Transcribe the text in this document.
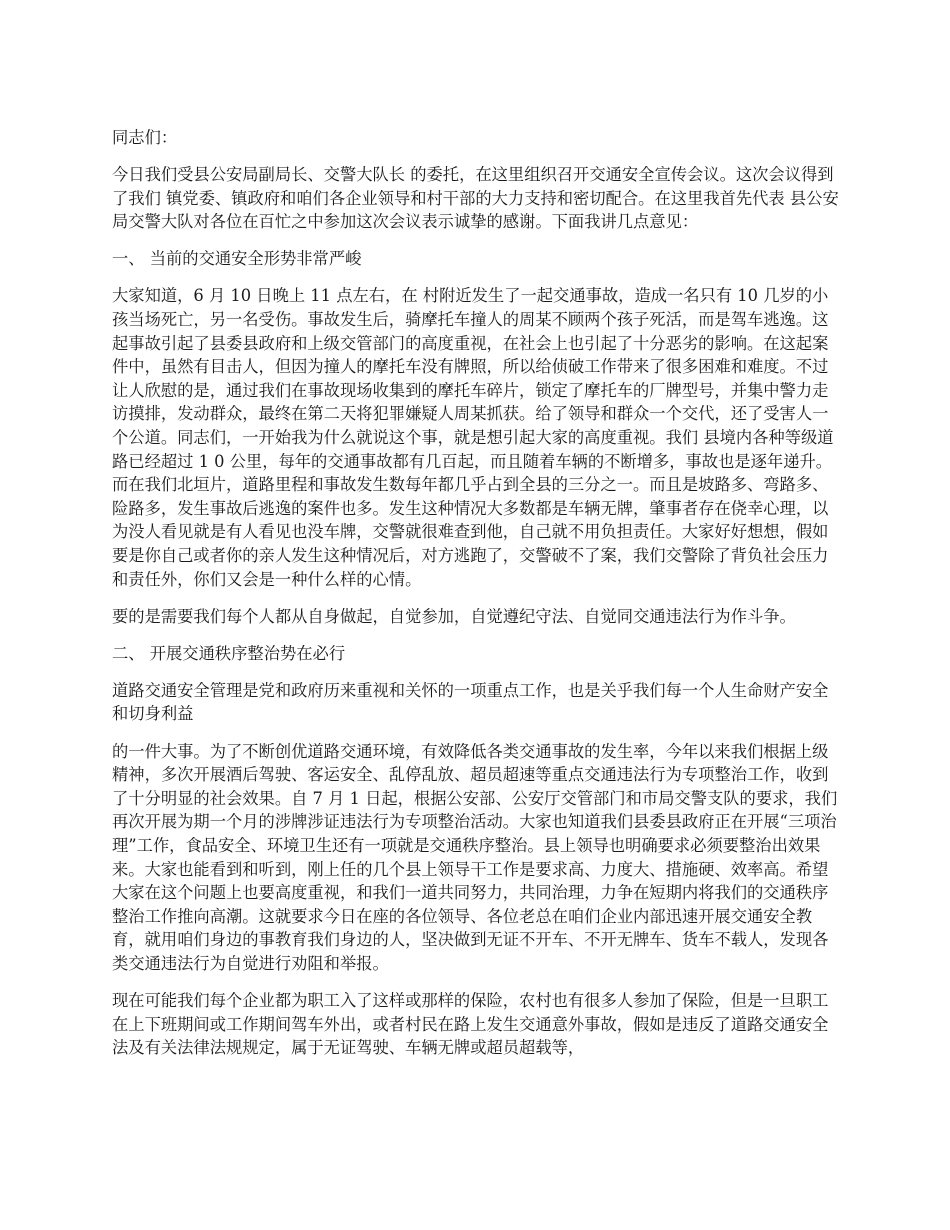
同志们：

今日我们受县公安局副局长、交警大队长 的委托，在这里组织召开交通安全宣传会议。这次会议得到了我们 镇党委、镇政府和咱们各企业领导和村干部的大力支持和密切配合。在这里我首先代表 县公安局交警大队对各位在百忙之中参加这次会议表示诚挚的感谢。下面我讲几点意见：

一、 当前的交通安全形势非常严峻

大家知道，6 月 10 日晚上 11 点左右，在 村附近发生了一起交通事故，造成一名只有 10 几岁的小孩当场死亡，另一名受伤。事故发生后，骑摩托车撞人的周某不顾两个孩子死活，而是驾车逃逸。这起事故引起了县委县政府和上级交管部门的高度重视，在社会上也引起了十分恶劣的影响。在这起案件中，虽然有目击人，但因为撞人的摩托车没有牌照，所以给侦破工作带来了很多困难和难度。不过让人欣慰的是，通过我们在事故现场收集到的摩托车碎片，锁定了摩托车的厂牌型号，并集中警力走访摸排，发动群众，最终在第二天将犯罪嫌疑人周某抓获。给了领导和群众一个交代，还了受害人一个公道。同志们，一开始我为什么就说这个事，就是想引起大家的高度重视。我们 县境内各种等级道路已经超过 1 0 公里，每年的交通事故都有几百起，而且随着车辆的不断增多，事故也是逐年递升。而在我们北垣片，道路里程和事故发生数每年都几乎占到全县的三分之一。而且是坡路多、弯路多、险路多，发生事故后逃逸的案件也多。发生这种情况大多数都是车辆无牌，肇事者存在侥幸心理，以为没人看见就是有人看见也没车牌，交警就很难查到他，自己就不用负担责任。大家好好想想，假如要是你自己或者你的亲人发生这种情况后，对方逃跑了，交警破不了案，我们交警除了背负社会压力和责任外，你们又会是一种什么样的心情。

要的是需要我们每个人都从自身做起，自觉参加，自觉遵纪守法、自觉同交通违法行为作斗争。

二、 开展交通秩序整治势在必行

道路交通安全管理是党和政府历来重视和关怀的一项重点工作，也是关乎我们每一个人生命财产安全和切身利益

的一件大事。为了不断创优道路交通环境，有效降低各类交通事故的发生率，今年以来我们根据上级精神，多次开展酒后驾驶、客运安全、乱停乱放、超员超速等重点交通违法行为专项整治工作，收到了十分明显的社会效果。自 7 月 1 日起，根据公安部、公安厅交管部门和市局交警支队的要求，我们再次开展为期一个月的涉牌涉证违法行为专项整治活动。大家也知道我们县委县政府正在开展“三项治理”工作，食品安全、环境卫生还有一项就是交通秩序整治。县上领导也明确要求必须要整治出效果来。大家也能看到和听到，刚上任的几个县上领导干工作是要求高、力度大、措施硬、效率高。希望大家在这个问题上也要高度重视，和我们一道共同努力，共同治理，力争在短期内将我们的交通秩序整治工作推向高潮。这就要求今日在座的各位领导、各位老总在咱们企业内部迅速开展交通安全教育，就用咱们身边的事教育我们身边的人，坚决做到无证不开车、不开无牌车、货车不载人，发现各类交通违法行为自觉进行劝阻和举报。

现在可能我们每个企业都为职工入了这样或那样的保险，农村也有很多人参加了保险，但是一旦职工在上下班期间或工作期间驾车外出，或者村民在路上发生交通意外事故，假如是违反了道路交通安全法及有关法律法规规定，属于无证驾驶、车辆无牌或超员超载等，
